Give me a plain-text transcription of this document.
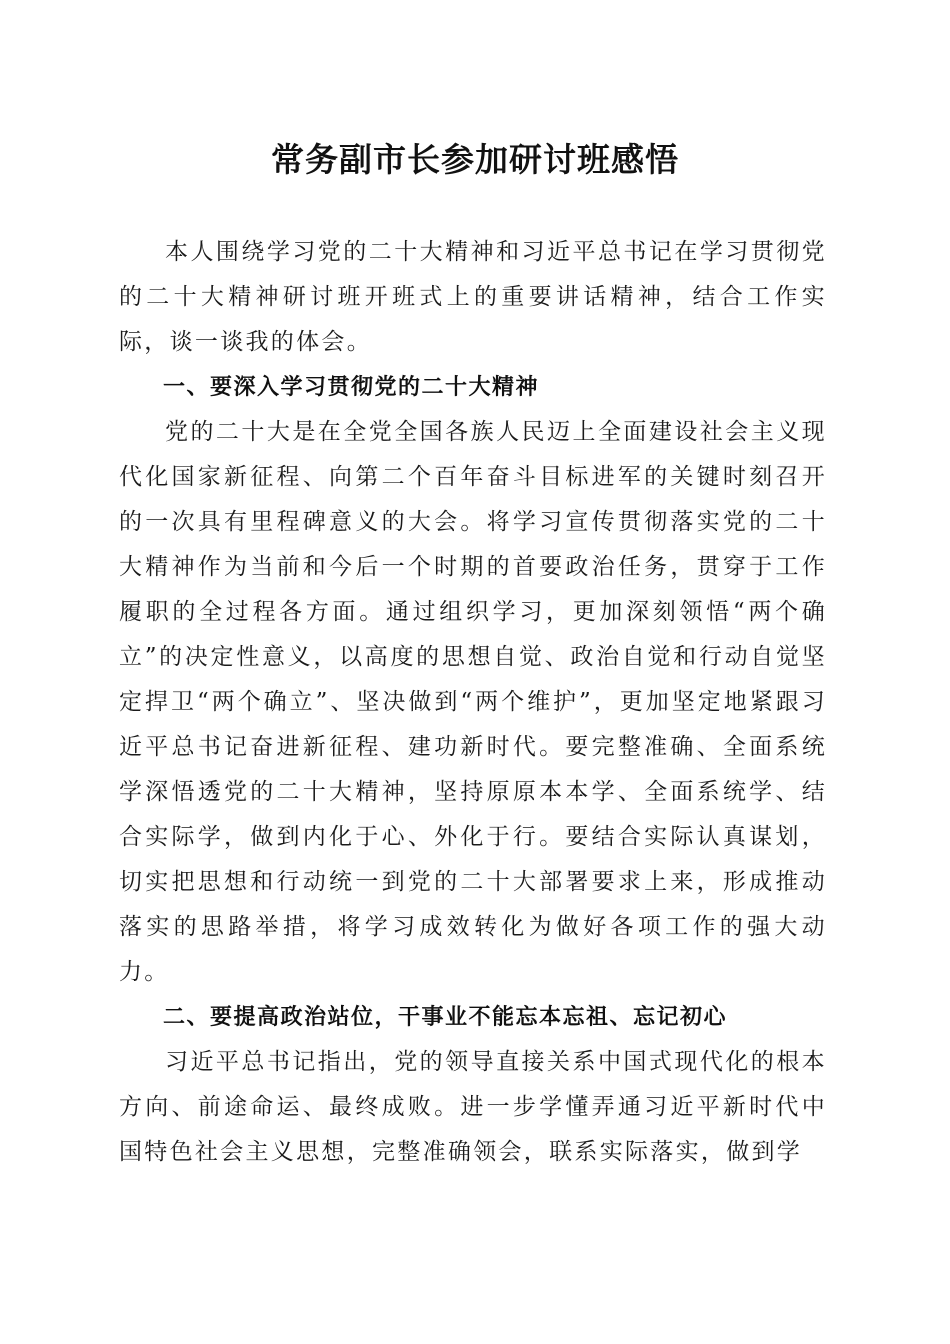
常务副市长参加研讨班感悟

本人围绕学习党的二十大精神和习近平总书记在学习贯彻党的二十大精神研讨班开班式上的重要讲话精神，结合工作实际，谈一谈我的体会。

一、要深入学习贯彻党的二十大精神

党的二十大是在全党全国各族人民迈上全面建设社会主义现代化国家新征程、向第二个百年奋斗目标进军的关键时刻召开的一次具有里程碑意义的大会。将学习宣传贯彻落实党的二十大精神作为当前和今后一个时期的首要政治任务，贯穿于工作履职的全过程各方面。通过组织学习，更加深刻领悟“两个确立”的决定性意义，以高度的思想自觉、政治自觉和行动自觉坚定捍卫“两个确立”、坚决做到“两个维护”，更加坚定地紧跟习近平总书记奋进新征程、建功新时代。要完整准确、全面系统学深悟透党的二十大精神，坚持原原本本学、全面系统学、结合实际学，做到内化于心、外化于行。要结合实际认真谋划，切实把思想和行动统一到党的二十大部署要求上来，形成推动落实的思路举措，将学习成效转化为做好各项工作的强大动力。

二、要提高政治站位，干事业不能忘本忘祖、忘记初心

习近平总书记指出，党的领导直接关系中国式现代化的根本方向、前途命运、最终成败。进一步学懂弄通习近平新时代中国特色社会主义思想，完整准确领会，联系实际落实，做到学
